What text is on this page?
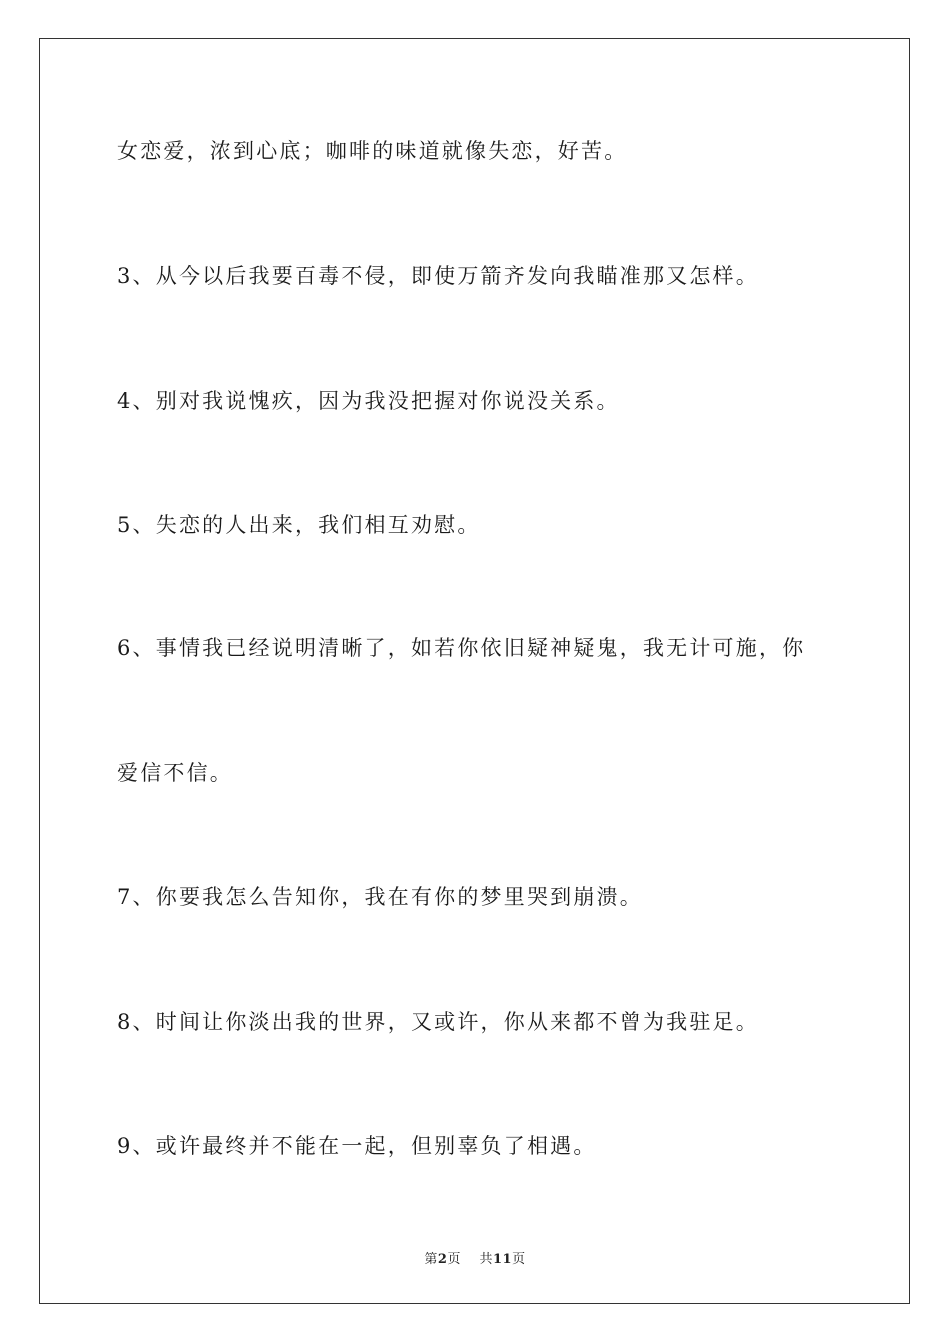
女恋爱，浓到心底；咖啡的味道就像失恋，好苦。

3、从今以后我要百毒不侵，即使万箭齐发向我瞄准那又怎样。

4、别对我说愧疚，因为我没把握对你说没关系。

5、失恋的人出来，我们相互劝慰。

6、事情我已经说明清晰了，如若你依旧疑神疑鬼，我无计可施，你

爱信不信。

7、你要我怎么告知你，我在有你的梦里哭到崩溃。

8、时间让你淡出我的世界，又或许，你从来都不曾为我驻足。

9、或许最终并不能在一起，但别辜负了相遇。

第2页 共11页
